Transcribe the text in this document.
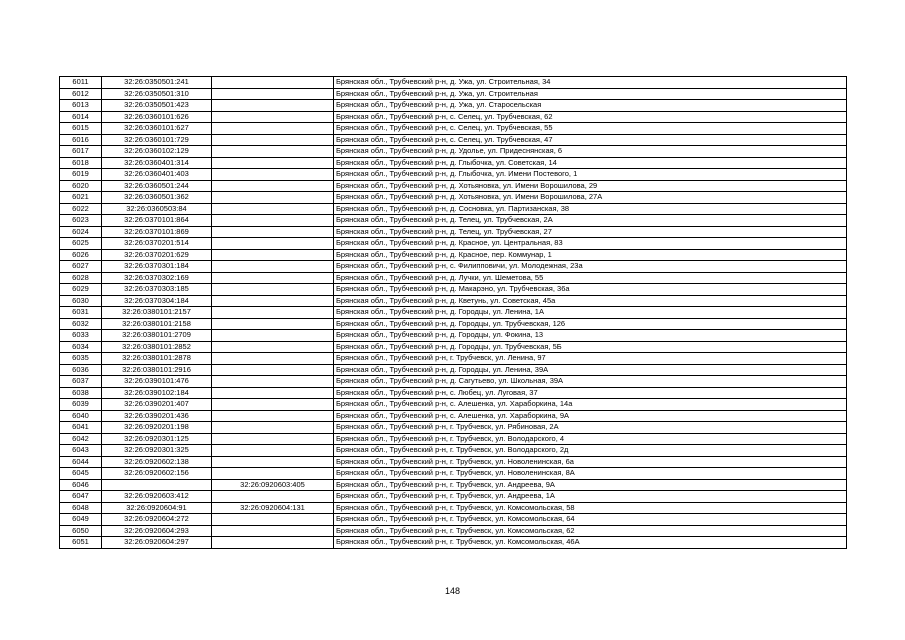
6011	32:26:0350501:241		Брянская обл., Трубчевский р-н, д. Ужа, ул. Строительная, 34
6012	32:26:0350501:310		Брянская обл., Трубчевский р-н, д. Ужа, ул. Строительная
6013	32:26:0350501:423		Брянская обл., Трубчевский р-н, д. Ужа, ул. Старосельская
6014	32:26:0360101:626		Брянская обл., Трубчевский р-н, с. Селец, ул. Трубчевская, 62
6015	32:26:0360101:627		Брянская обл., Трубчевский р-н, с. Селец, ул. Трубчевская, 55
6016	32:26:0360101:729		Брянская обл., Трубчевский р-н, с. Селец, ул. Трубчевская, 47
6017	32:26:0360102:129		Брянская обл., Трубчевский р-н, д. Удолье, ул. Придеснянская, 6
6018	32:26:0360401:314		Брянская обл., Трубчевский р-н, д. Глыбочка, ул. Советская, 14
6019	32:26:0360401:403		Брянская обл., Трубчевский р-н, д. Глыбочка, ул. Имени Постевого, 1
6020	32:26:0360501:244		Брянская обл., Трубчевский р-н, д. Хотьяновка, ул. Имени Ворошилова, 29
6021	32:26:0360501:362		Брянская обл., Трубчевский р-н, д. Хотьяновка, ул. Имени Ворошилова, 27А
6022	32:26:0360503:84		Брянская обл., Трубчевский р-н, д. Сосновка, ул. Партизанская, 38
6023	32:26:0370101:864		Брянская обл., Трубчевский р-н, д. Телец, ул. Трубчевская, 2А
6024	32:26:0370101:869		Брянская обл., Трубчевский р-н, д. Телец, ул. Трубчевская, 27
6025	32:26:0370201:514		Брянская обл., Трубчевский р-н, д. Красное, ул. Центральная, 83
6026	32:26:0370201:629		Брянская обл., Трубчевский р-н, д. Красное, пер. Коммунар, 1
6027	32:26:0370301:184		Брянская обл., Трубчевский р-н, с. Филипповичи, ул. Молодежная, 23а
6028	32:26:0370302:169		Брянская обл., Трубчевский р-н, д. Лучки, ул. Шеметова, 55
6029	32:26:0370303:185		Брянская обл., Трубчевский р-н, д. Макарэно, ул. Трубчевская, 36а
6030	32:26:0370304:184		Брянская обл., Трубчевский р-н, д. Кветунь, ул. Советская, 45а
6031	32:26:0380101:2157		Брянская обл., Трубчевский р-н, д. Городцы, ул. Ленина, 1А
6032	32:26:0380101:2158		Брянская обл., Трубчевский р-н, д. Городцы, ул. Трубчевская, 126
6033	32:26:0380101:2709		Брянская обл., Трубчевский р-н, д. Городцы, ул. Фокина, 13
6034	32:26:0380101:2852		Брянская обл., Трубчевский р-н, д. Городцы, ул. Трубчевская, 5Б
6035	32:26:0380101:2878		Брянская обл., Трубчевский р-н, г. Трубчевск, ул. Ленина, 97
6036	32:26:0380101:2916		Брянская обл., Трубчевский р-н, д. Городцы, ул. Ленина, 39А
6037	32:26:0390101:476		Брянская обл., Трубчевский р-н, д. Сагутьево, ул. Школьная, 39А
6038	32:26:0390102:184		Брянская обл., Трубчевский р-н, с. Любец, ул. Луговая, 37
6039	32:26:0390201:407		Брянская обл., Трубчевский р-н, с. Алешенка, ул. Хараборкина, 14а
6040	32:26:0390201:436		Брянская обл., Трубчевский р-н, с. Алешенка, ул. Хараборкина, 9А
6041	32:26:0920201:198		Брянская обл., Трубчевский р-н, г. Трубчевск, ул. Рябиновая, 2А
6042	32:26:0920301:125		Брянская обл., Трубчевский р-н, г. Трубчевск, ул. Володарского, 4
6043	32:26:0920301:325		Брянская обл., Трубчевский р-н, г. Трубчевск, ул. Володарского, 2д
6044	32:26:0920602:138		Брянская обл., Трубчевский р-н, г. Трубчевск, ул. Новоленинская, 6а
6045	32:26:0920602:156		Брянская обл., Трубчевский р-н, г. Трубчевск, ул. Новоленинская, 8А
6046		32:26:0920603:405	Брянская обл., Трубчевский р-н, г. Трубчевск, ул. Андреева, 9А
6047	32:26:0920603:412		Брянская обл., Трубчевский р-н, г. Трубчевск, ул. Андреева, 1А
6048	32:26:0920604:91	32:26:0920604:131	Брянская обл., Трубчевский р-н, г. Трубчевск, ул. Комсомольская, 58
6049	32:26:0920604:272		Брянская обл., Трубчевский р-н, г. Трубчевск, ул. Комсомольская, 64
6050	32:26:0920604:293		Брянская обл., Трубчевский р-н, г. Трубчевск, ул. Комсомольская, 62
6051	32:26:0920604:297		Брянская обл., Трубчевский р-н, г. Трубчевск, ул. Комсомольская, 46А
148
